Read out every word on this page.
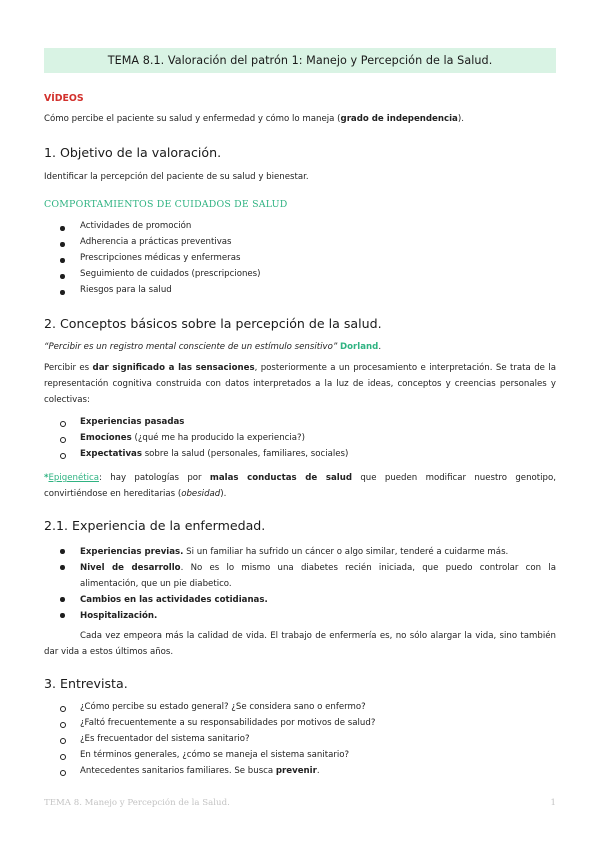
TEMA 8.1. Valoración del patrón 1: Manejo y Percepción de la Salud.
VÍDEOS
Cómo percibe el paciente su salud y enfermedad y cómo lo maneja (grado de independencia).
1. Objetivo de la valoración.
Identificar la percepción del paciente de su salud y bienestar.
COMPORTAMIENTOS DE CUIDADOS DE SALUD
Actividades de promoción
Adherencia a prácticas preventivas
Prescripciones médicas y enfermeras
Seguimiento de cuidados (prescripciones)
Riesgos para la salud
2. Conceptos básicos sobre la percepción de la salud.
“Percibir es un registro mental consciente de un estímulo sensitivo” Dorland.
Percibir es dar significado a las sensaciones, posteriormente a un procesamiento e interpretación. Se trata de la
representación cognitiva construida con datos interpretados a la luz de ideas, conceptos y creencias personales y
colectivas:
Experiencias pasadas
Emociones (¿qué me ha producido la experiencia?)
Expectativas sobre la salud (personales, familiares, sociales)
*Epigenética: hay patologías por malas conductas de salud que pueden modificar nuestro genotipo,
convirtiéndose en hereditarias (obesidad).
2.1. Experiencia de la enfermedad.
Experiencias previas. Si un familiar ha sufrido un cáncer o algo similar, tenderé a cuidarme más.
Nivel de desarrollo. No es lo mismo una diabetes recién iniciada, que puedo controlar con la
alimentación, que un pie diabetico.
Cambios en las actividades cotidianas.
Hospitalización.
Cada vez empeora más la calidad de vida. El trabajo de enfermería es, no sólo alargar la vida, sino también
dar vida a estos últimos años.
3. Entrevista.
¿Cómo percibe su estado general? ¿Se considera sano o enfermo?
¿Faltó frecuentemente a su responsabilidades por motivos de salud?
¿Es frecuentador del sistema sanitario?
En términos generales, ¿cómo se maneja el sistema sanitario?
Antecedentes sanitarios familiares. Se busca prevenir.
TEMA 8. Manejo y Percepción de la Salud.	1
